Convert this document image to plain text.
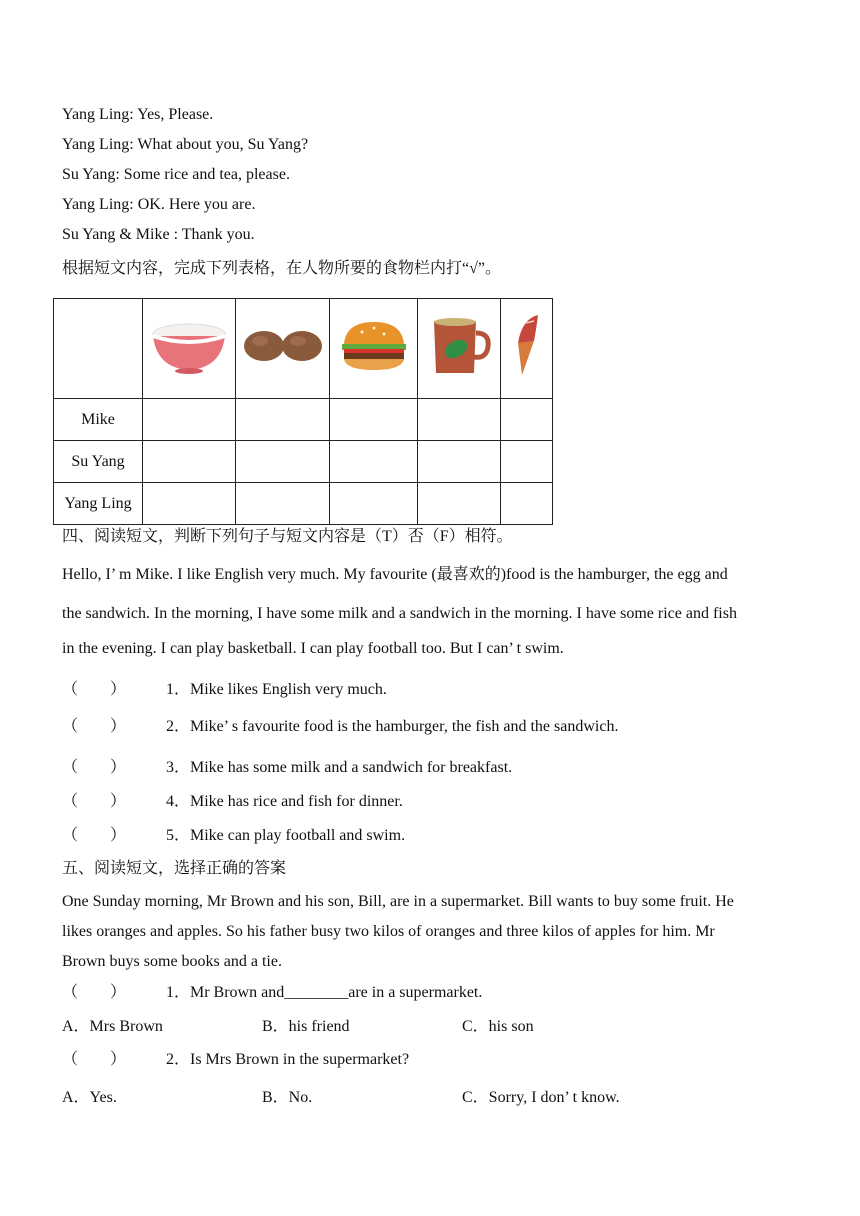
Yang Ling: Yes, Please.
Yang Ling: What about you, Su Yang?
Su Yang: Some rice and tea, please.
Yang Ling: OK. Here you are.
Su Yang & Mike : Thank you.
根据短文内容，完成下列表格，在人物所要的食物栏内打“√”。

Mike					
Su Yang					
Yang Ling					
四、阅读短文，判断下列句子与短文内容是（T）否（F）相符。
Hello, I’ m Mike. I like English very much. My favourite (最喜欢的)food is the hamburger, the egg and
the sandwich. In the morning, I have some milk and a sandwich in the morning. I have some rice and fish
in the evening. I can play basketball. I can play football too. But I can’ t swim.
（　　） 1．Mike likes English very much.
（　　） 2．Mike’ s favourite food is the hamburger, the fish and the sandwich.
（　　） 3．Mike has some milk and a sandwich for breakfast.
（　　） 4．Mike has rice and fish for dinner.
（　　） 5．Mike can play football and swim.
五、阅读短文，选择正确的答案
One Sunday morning, Mr Brown and his son, Bill, are in a supermarket. Bill wants to buy some fruit. He
likes oranges and apples. So his father busy two kilos of oranges and three kilos of apples for him. Mr
Brown buys some books and a tie.
（　　） 1．Mr Brown and________are in a supermarket.
A．Mrs Brown	B．his friend	C．his son
（　　） 2．Is Mrs Brown in the supermarket?
A．Yes.	B．No.	C．Sorry, I don’ t know.
